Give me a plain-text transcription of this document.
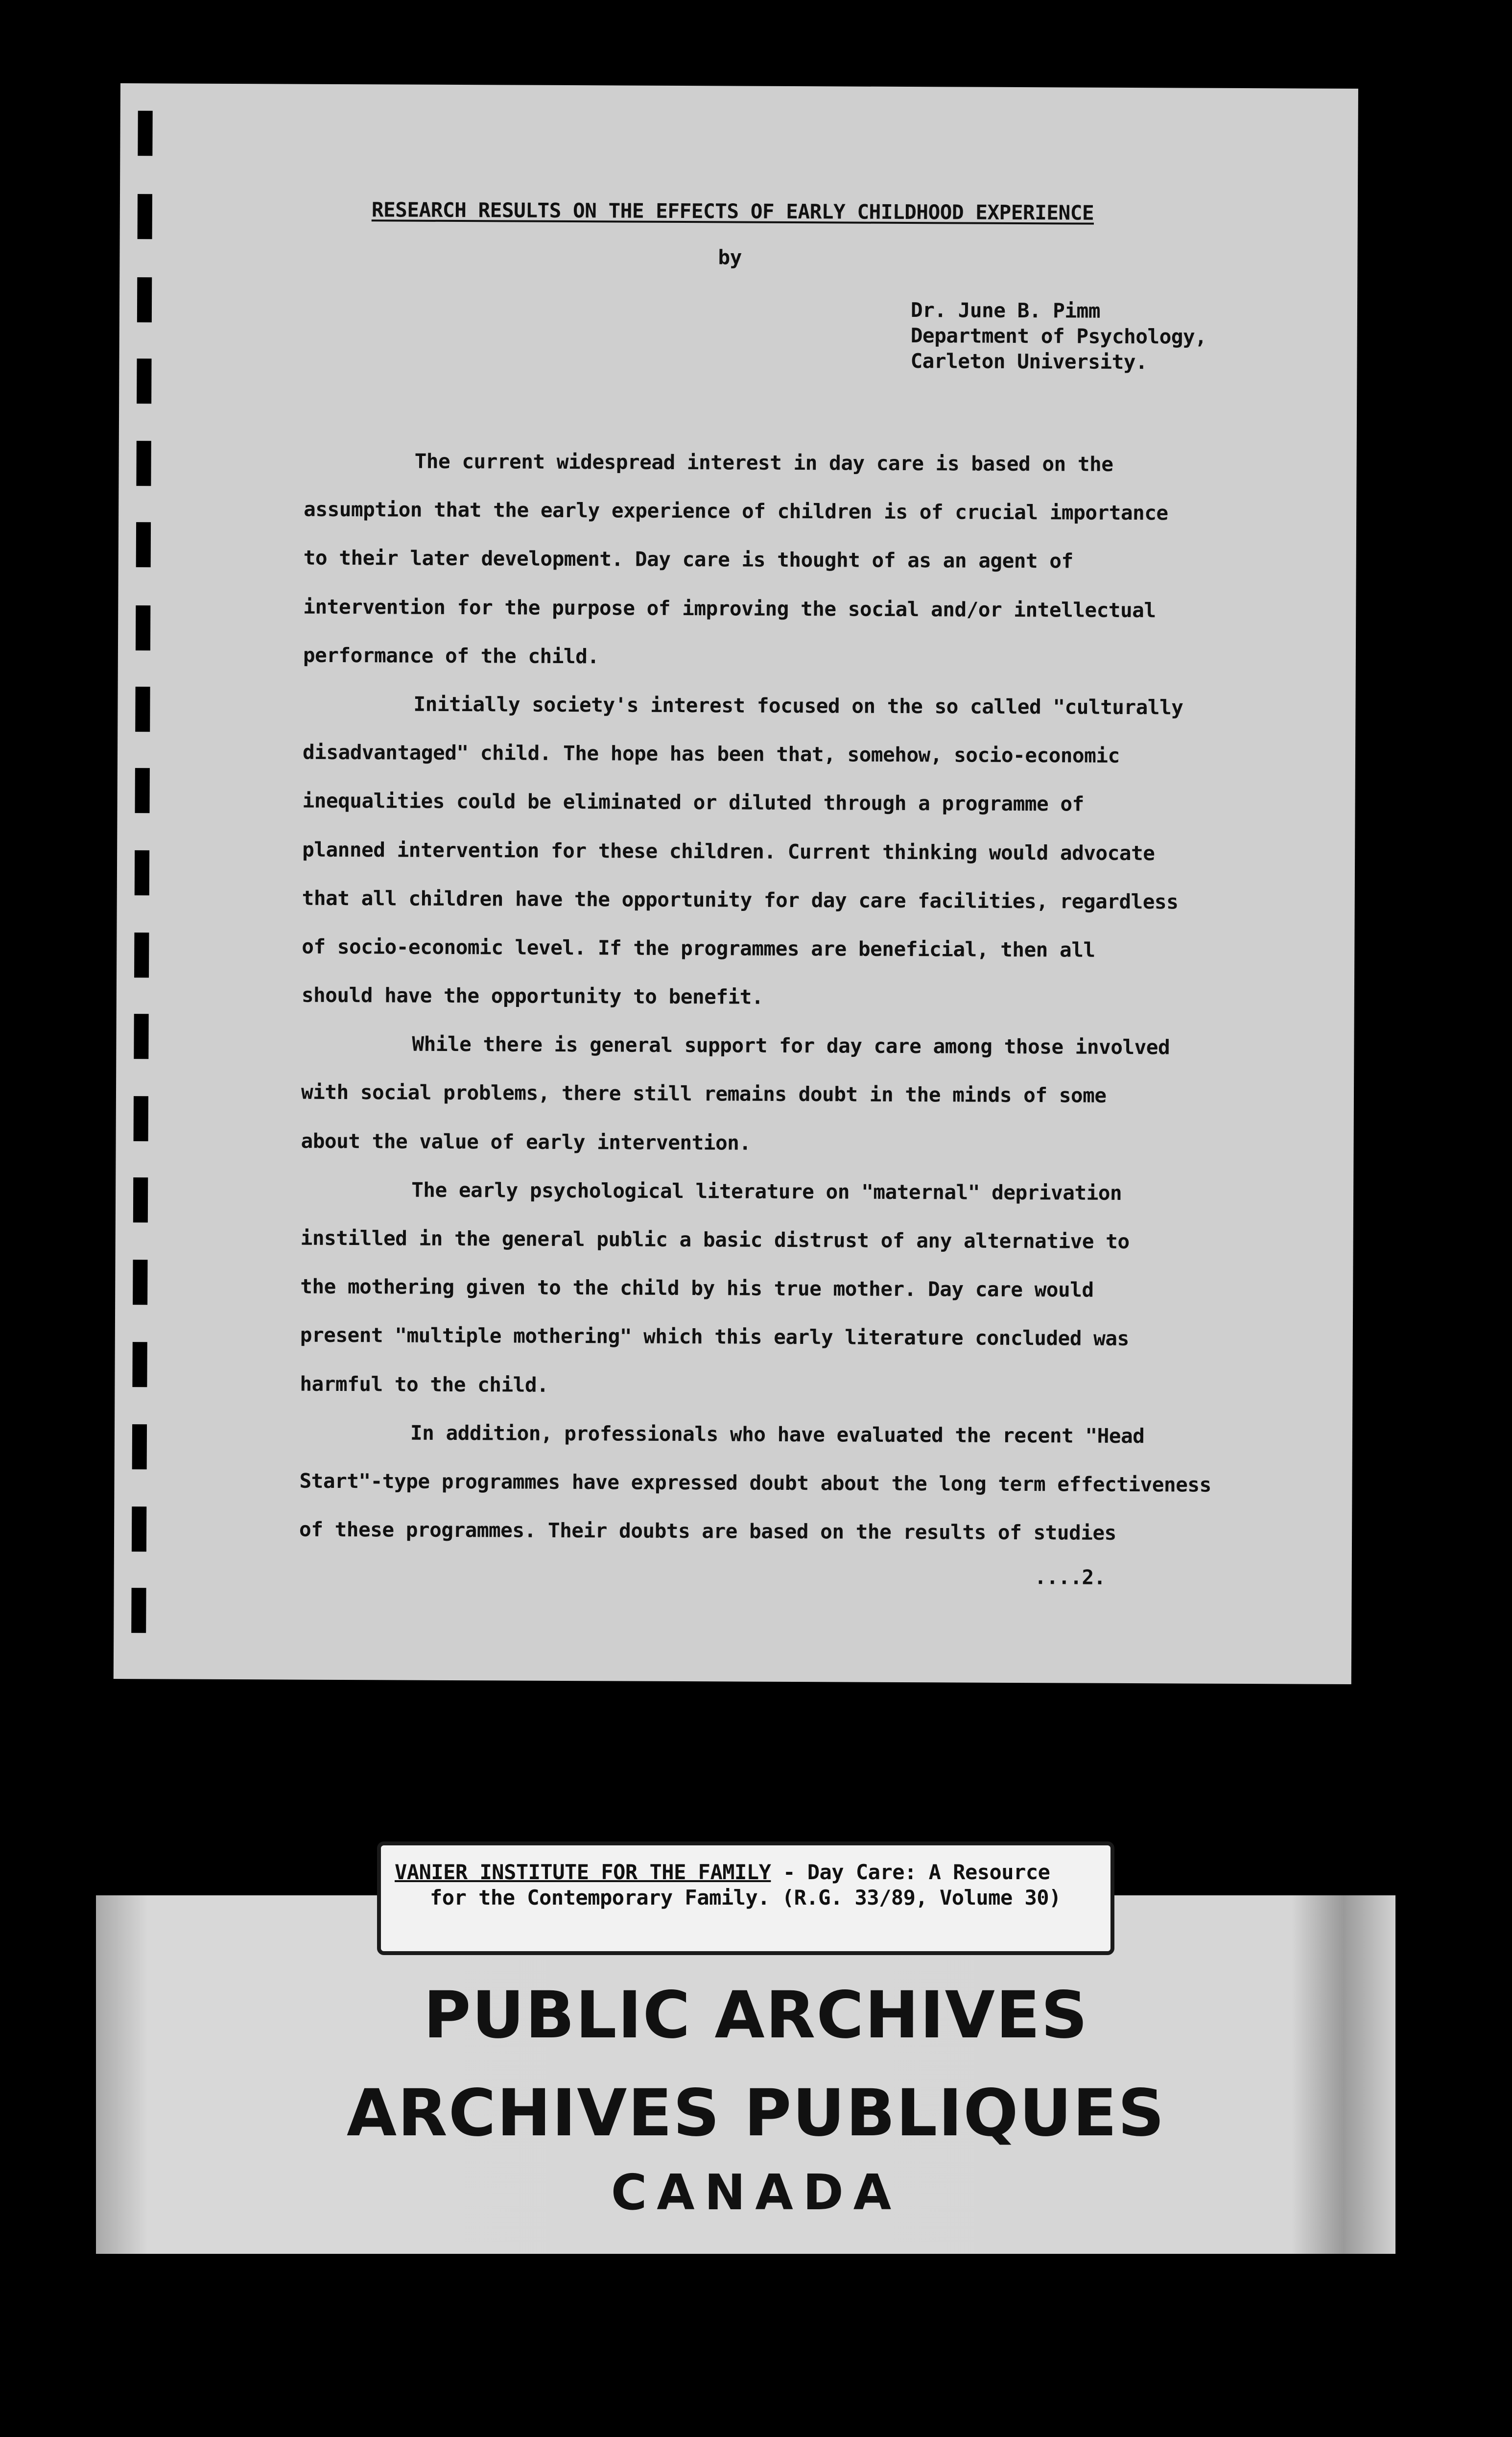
RESEARCH RESULTS ON THE EFFECTS OF EARLY CHILDHOOD EXPERIENCE
by
Dr. June B. Pimm
Department of Psychology,
Carleton University.
The current widespread interest in day care is based on the
assumption that the early experience of children is of crucial importance
to their later development. Day care is thought of as an agent of
intervention for the purpose of improving the social and/or intellectual
performance of the child.
Initially society's interest focused on the so called "culturally
disadvantaged" child. The hope has been that, somehow, socio-economic
inequalities could be eliminated or diluted through a programme of
planned intervention for these children. Current thinking would advocate
that all children have the opportunity for day care facilities, regardless
of socio-economic level. If the programmes are beneficial, then all
should have the opportunity to benefit.
While there is general support for day care among those involved
with social problems, there still remains doubt in the minds of some
about the value of early intervention.
The early psychological literature on "maternal" deprivation
instilled in the general public a basic distrust of any alternative to
the mothering given to the child by his true mother. Day care would
present "multiple mothering" which this early literature concluded was
harmful to the child.
In addition, professionals who have evaluated the recent "Head
Start"-type programmes have expressed doubt about the long term effectiveness
of these programmes. Their doubts are based on the results of studies
....2.
VANIER INSTITUTE FOR THE FAMILY - Day Care: A Resource
for the Contemporary Family. (R.G. 33/89, Volume 30)
PUBLIC ARCHIVES
ARCHIVES PUBLIQUES
CANADA
